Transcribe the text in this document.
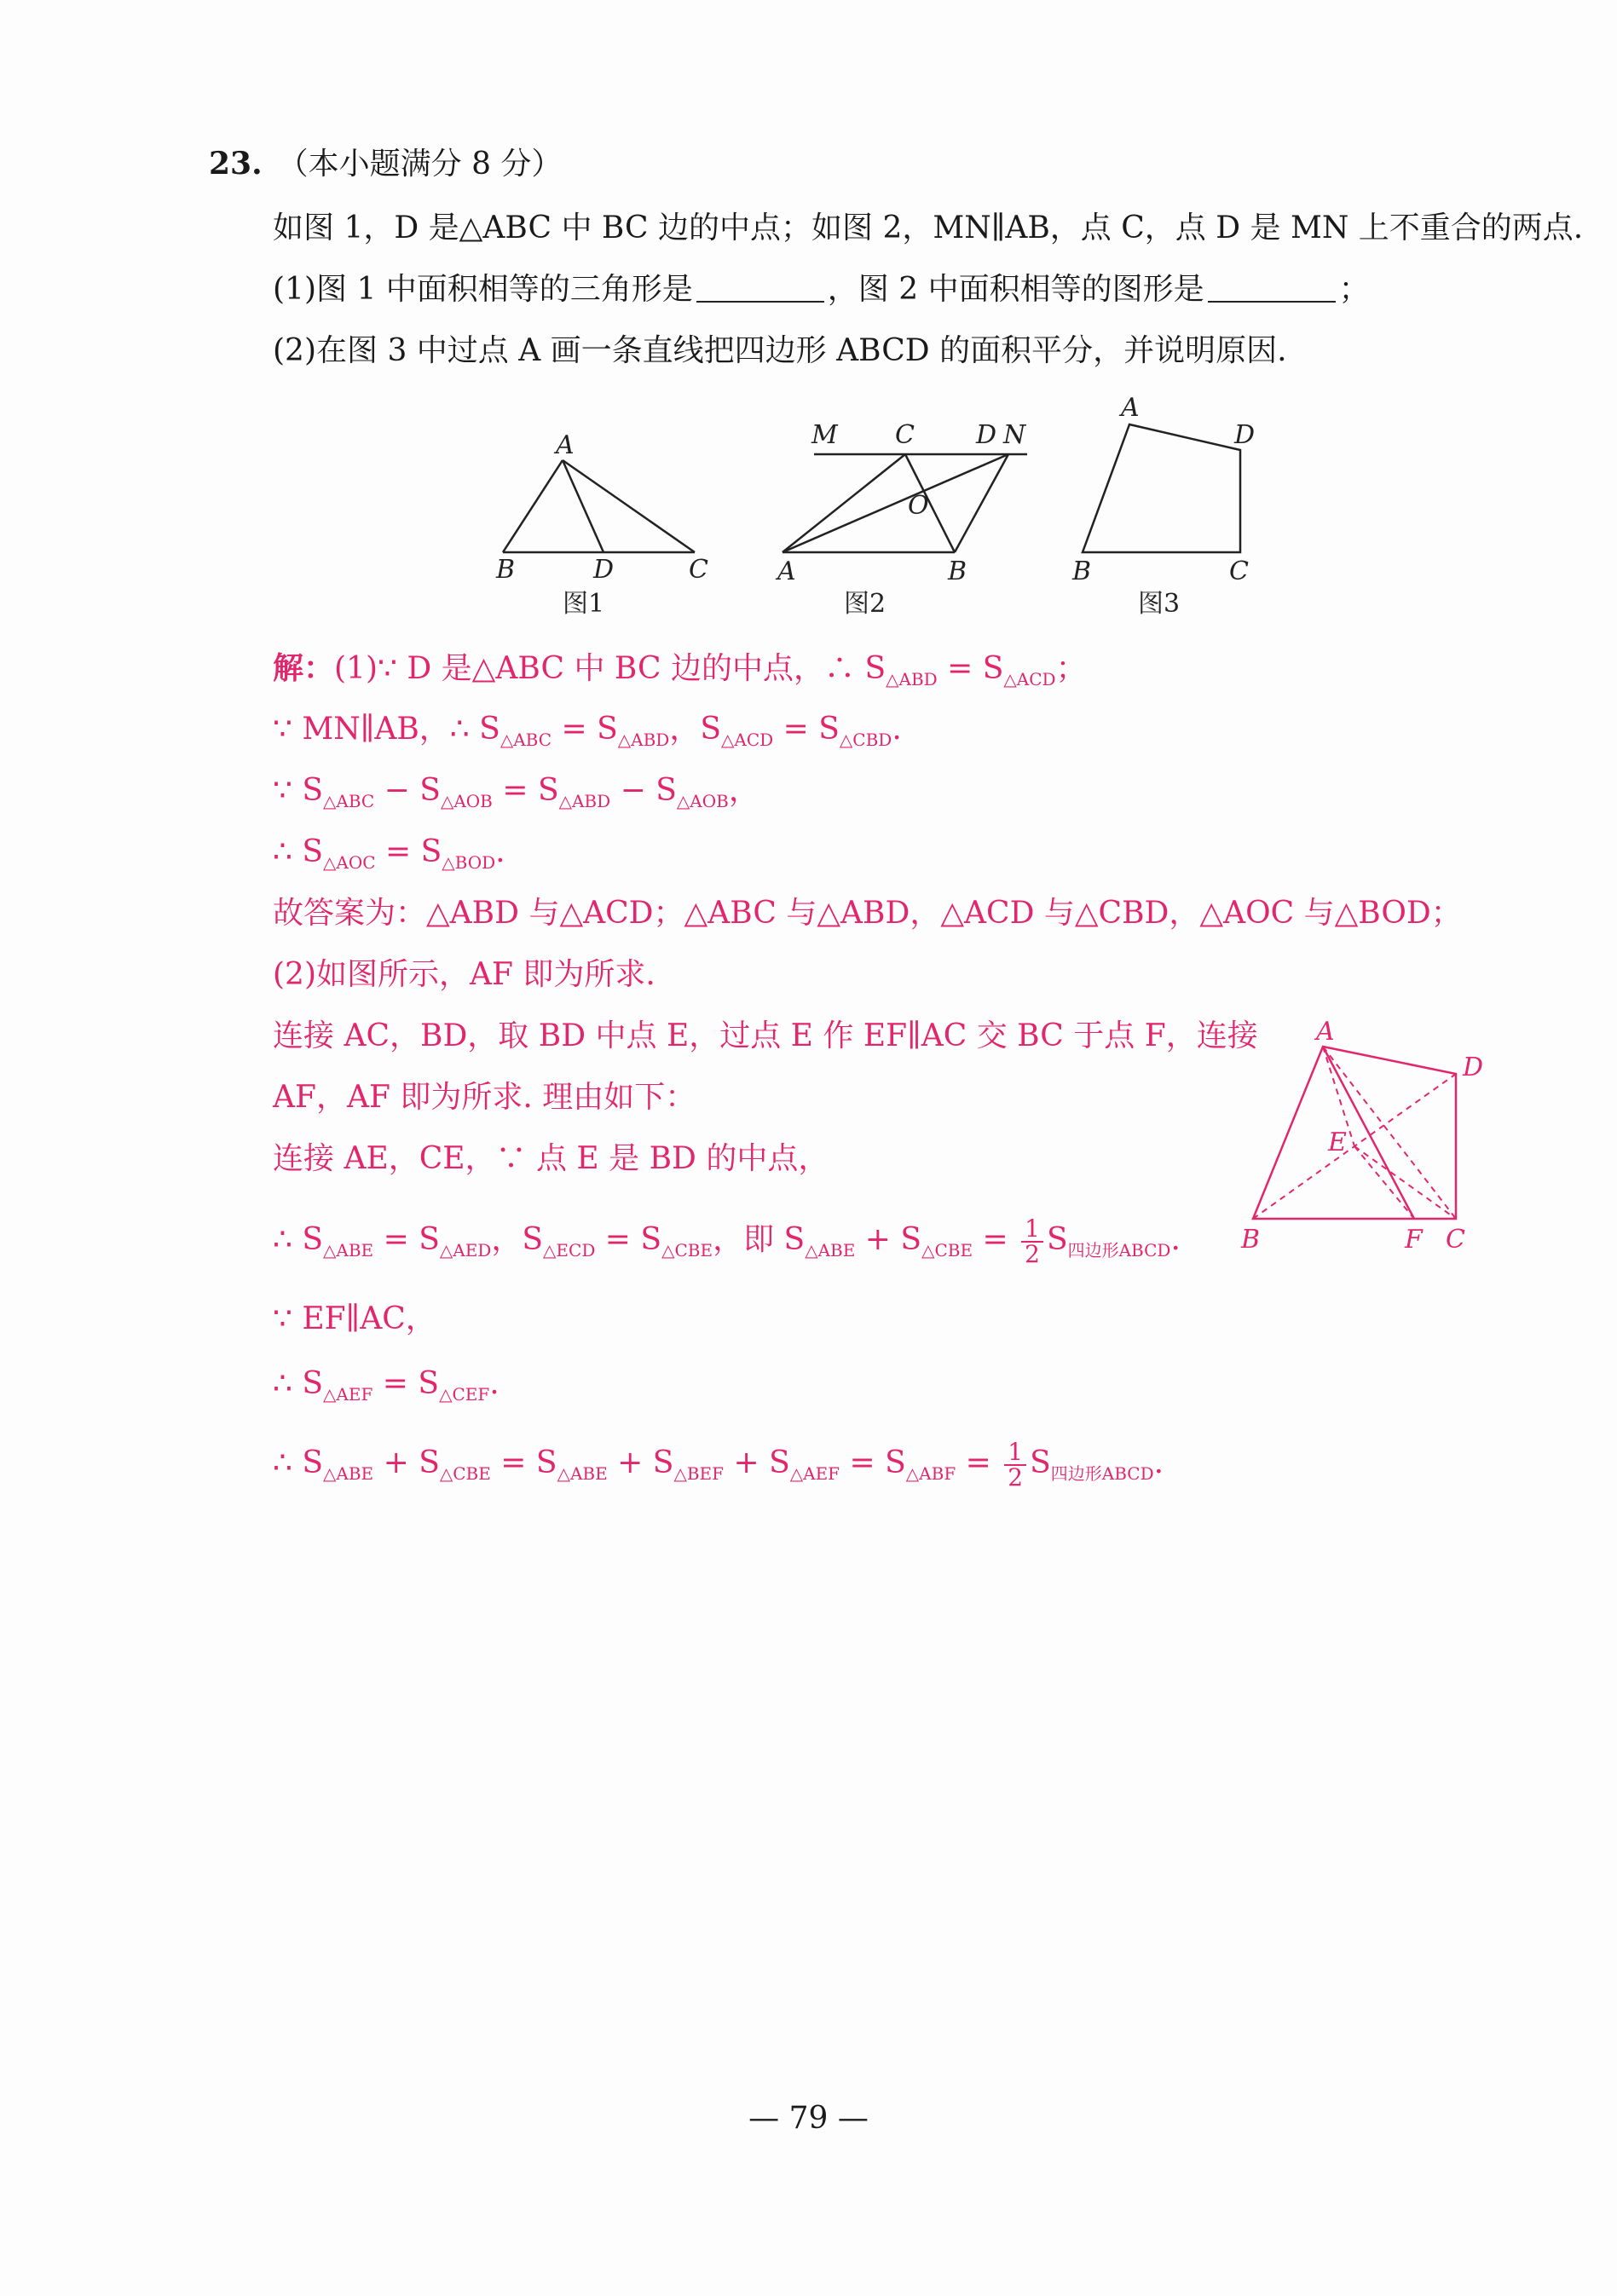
23. （本小题满分 8 分）
如图 1，D 是△ABC 中 BC 边的中点；如图 2，MN∥AB，点 C，点 D 是 MN 上不重合的两点.
(1)图 1 中面积相等的三角形是	，图 2 中面积相等的图形是	；
(2)在图 3 中过点 A 画一条直线把四边形 ABCD 的面积平分，并说明原因.
A
B	D	C
图1
M C D N
O
A	B
图2
A
D
B	C
图3
解：(1)∵ D 是△ABC 中 BC 边的中点，∴ $S_{\triangle ABD} = S_{\triangle ACD}$；
∵ MN∥AB，∴ $S_{\triangle ABC} = S_{\triangle ABD}$，$S_{\triangle ACD} = S_{\triangle CBD}$.
∵ $S_{\triangle ABC} - S_{\triangle AOB} = S_{\triangle ABD} - S_{\triangle AOB}$，
∴ $S_{\triangle AOC} = S_{\triangle BOD}$.
故答案为：△ABD 与△ACD；△ABC 与△ABD，△ACD 与△CBD，△AOC 与△BOD；
(2)如图所示，AF 即为所求.
连接 AC，BD，取 BD 中点 E，过点 E 作 EF∥AC 交 BC 于点 F，连接
AF，AF 即为所求. 理由如下：
连接 AE，CE，∵ 点 E 是 BD 的中点，
∴ $S_{\triangle ABE} = S_{\triangle AED}$，$S_{\triangle ECD} = S_{\triangle CBE}$，即 $S_{\triangle ABE} + S_{\triangle CBE} = \frac{1}{2} S_{四边形ABCD}$.
∵ EF∥AC，
∴ $S_{\triangle AEF} = S_{\triangle CEF}$.
∴ $S_{\triangle ABE} + S_{\triangle CBE} = S_{\triangle ABE} + S_{\triangle BEF} + S_{\triangle AEF} = S_{\triangle ABF} = \frac{1}{2} S_{四边形ABCD}$.
A
D
E
B	F C
— 79 —
